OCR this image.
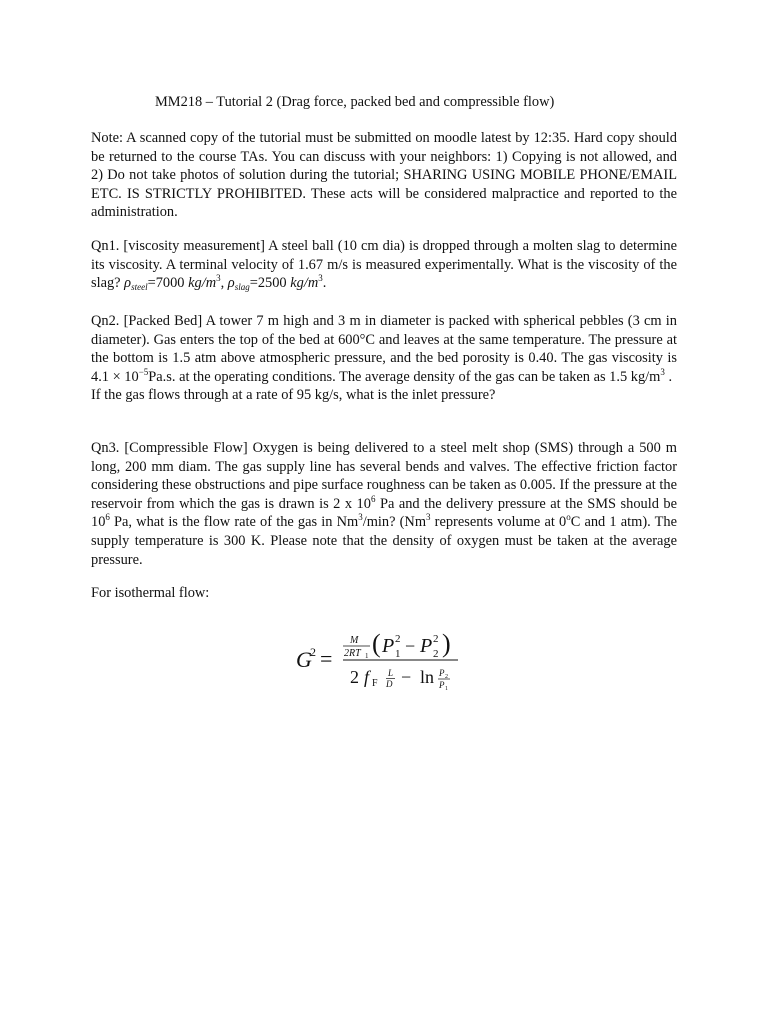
MM218 – Tutorial 2 (Drag force, packed bed and compressible flow)

Note: A scanned copy of the tutorial must be submitted on moodle latest by 12:35. Hard copy should be returned to the course TAs. You can discuss with your neighbors: 1) Copying is not allowed, and 2) Do not take photos of solution during the tutorial; SHARING USING MOBILE PHONE/EMAIL ETC. IS STRICTLY PROHIBITED. These acts will be considered malpractice and reported to the administration.

Qn1. [viscosity measurement] A steel ball (10 cm dia) is dropped through a molten slag to determine its viscosity. A terminal velocity of 1.67 m/s is measured experimentally. What is the viscosity of the slag? $\rho_{steel}=7000$ $kg/m^3$, $\rho_{slag}=2500$ $kg/m^3$.

Qn2. [Packed Bed] A tower 7 m high and 3 m in diameter is packed with spherical pebbles (3 cm in diameter). Gas enters the top of the bed at 600°C and leaves at the same temperature. The pressure at the bottom is 1.5 atm above atmospheric pressure, and the bed porosity is 0.40. The gas viscosity is $4.1 \times 10^{-5}Pa.s$. at the operating conditions. The average density of the gas can be taken as 1.5 $kg/m^3$ .
If the gas flows through at a rate of 95 kg/s, what is the inlet pressure?

Qn3. [Compressible Flow] Oxygen is being delivered to a steel melt shop (SMS) through a 500 m long, 200 mm diam. The gas supply line has several bends and valves. The effective friction factor considering these obstructions and pipe surface roughness can be taken as 0.005. If the pressure at the reservoir from which the gas is drawn is 2 x $10^6$ Pa and the delivery pressure at the SMS should be $10^6$ Pa, what is the flow rate of the gas in Nm$^3$/min? (Nm$^3$ represents volume at 0$^o$C and 1 atm). The supply temperature is 300 K. Please note that the density of oxygen must be taken at the average pressure.

For isothermal flow:

G
2 =
M
2RT 1 ( P 2
1 − P 2
2 )
2 f F
L
D − ln P 2
P 1
